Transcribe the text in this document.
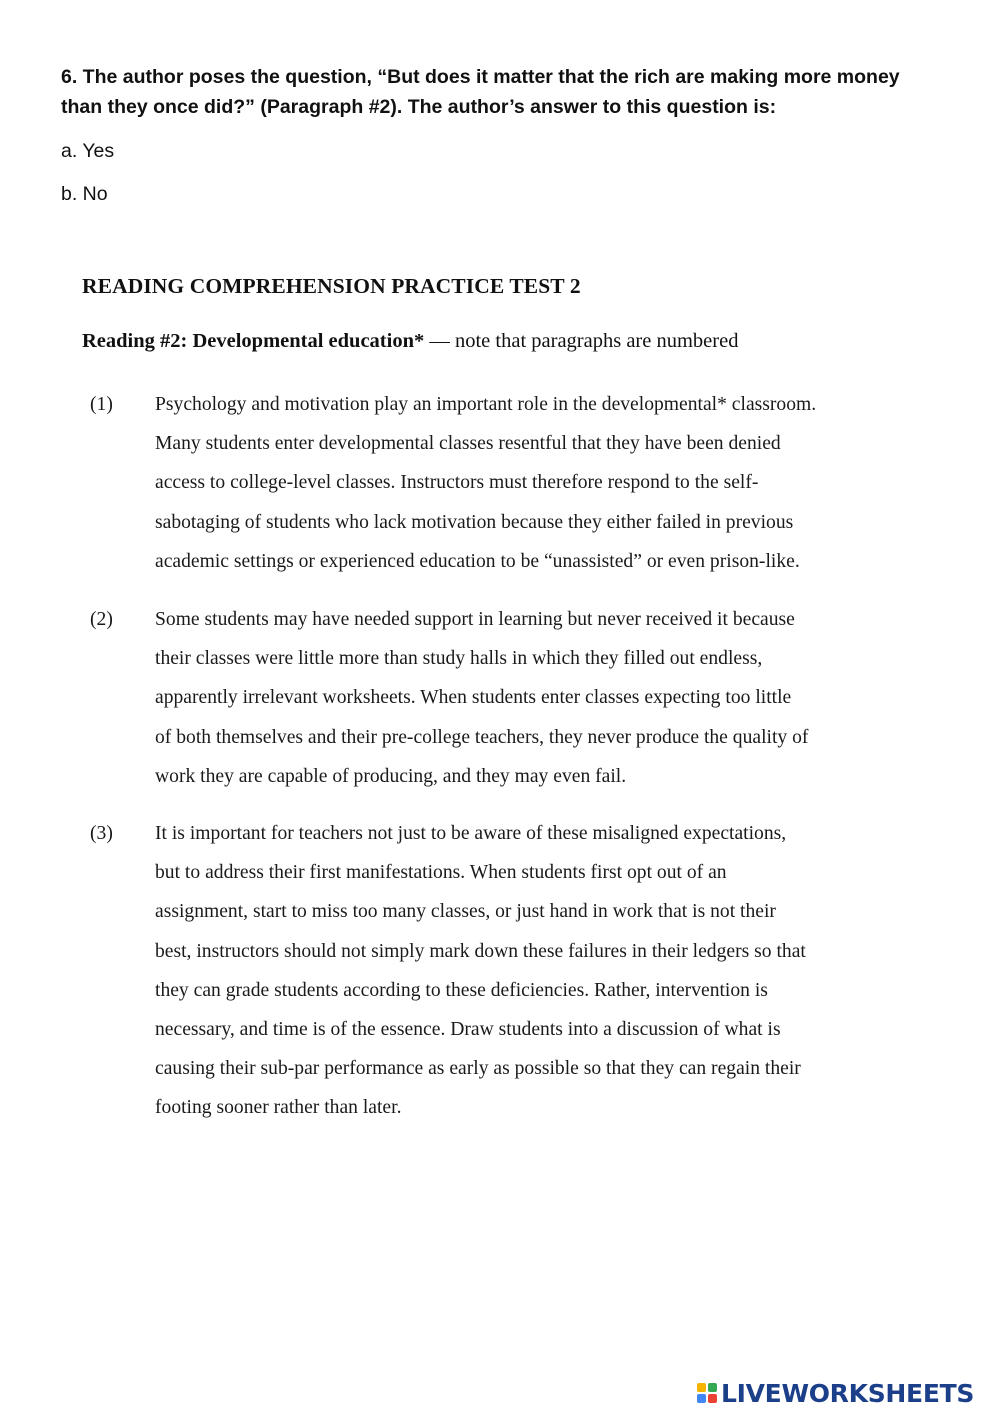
6. The author poses the question, “But does it matter that the rich are making more money than they once did?” (Paragraph #2). The author’s answer to this question is:

a. Yes
b. No
READING COMPREHENSION PRACTICE TEST 2
Reading #2: Developmental education* — note that paragraphs are numbered
(1) Psychology and motivation play an important role in the developmental* classroom.
Many students enter developmental classes resentful that they have been denied
access to college-level classes. Instructors must therefore respond to the self-
sabotaging of students who lack motivation because they either failed in previous
academic settings or experienced education to be “unassisted” or even prison-like.
(2) Some students may have needed support in learning but never received it because
their classes were little more than study halls in which they filled out endless,
apparently irrelevant worksheets. When students enter classes expecting too little
of both themselves and their pre-college teachers, they never produce the quality of
work they are capable of producing, and they may even fail.
(3) It is important for teachers not just to be aware of these misaligned expectations,
but to address their first manifestations. When students first opt out of an
assignment, start to miss too many classes, or just hand in work that is not their
best, instructors should not simply mark down these failures in their ledgers so that
they can grade students according to these deficiencies. Rather, intervention is
necessary, and time is of the essence. Draw students into a discussion of what is
causing their sub-par performance as early as possible so that they can regain their
footing sooner rather than later.
LIVEWORKSHEETS
